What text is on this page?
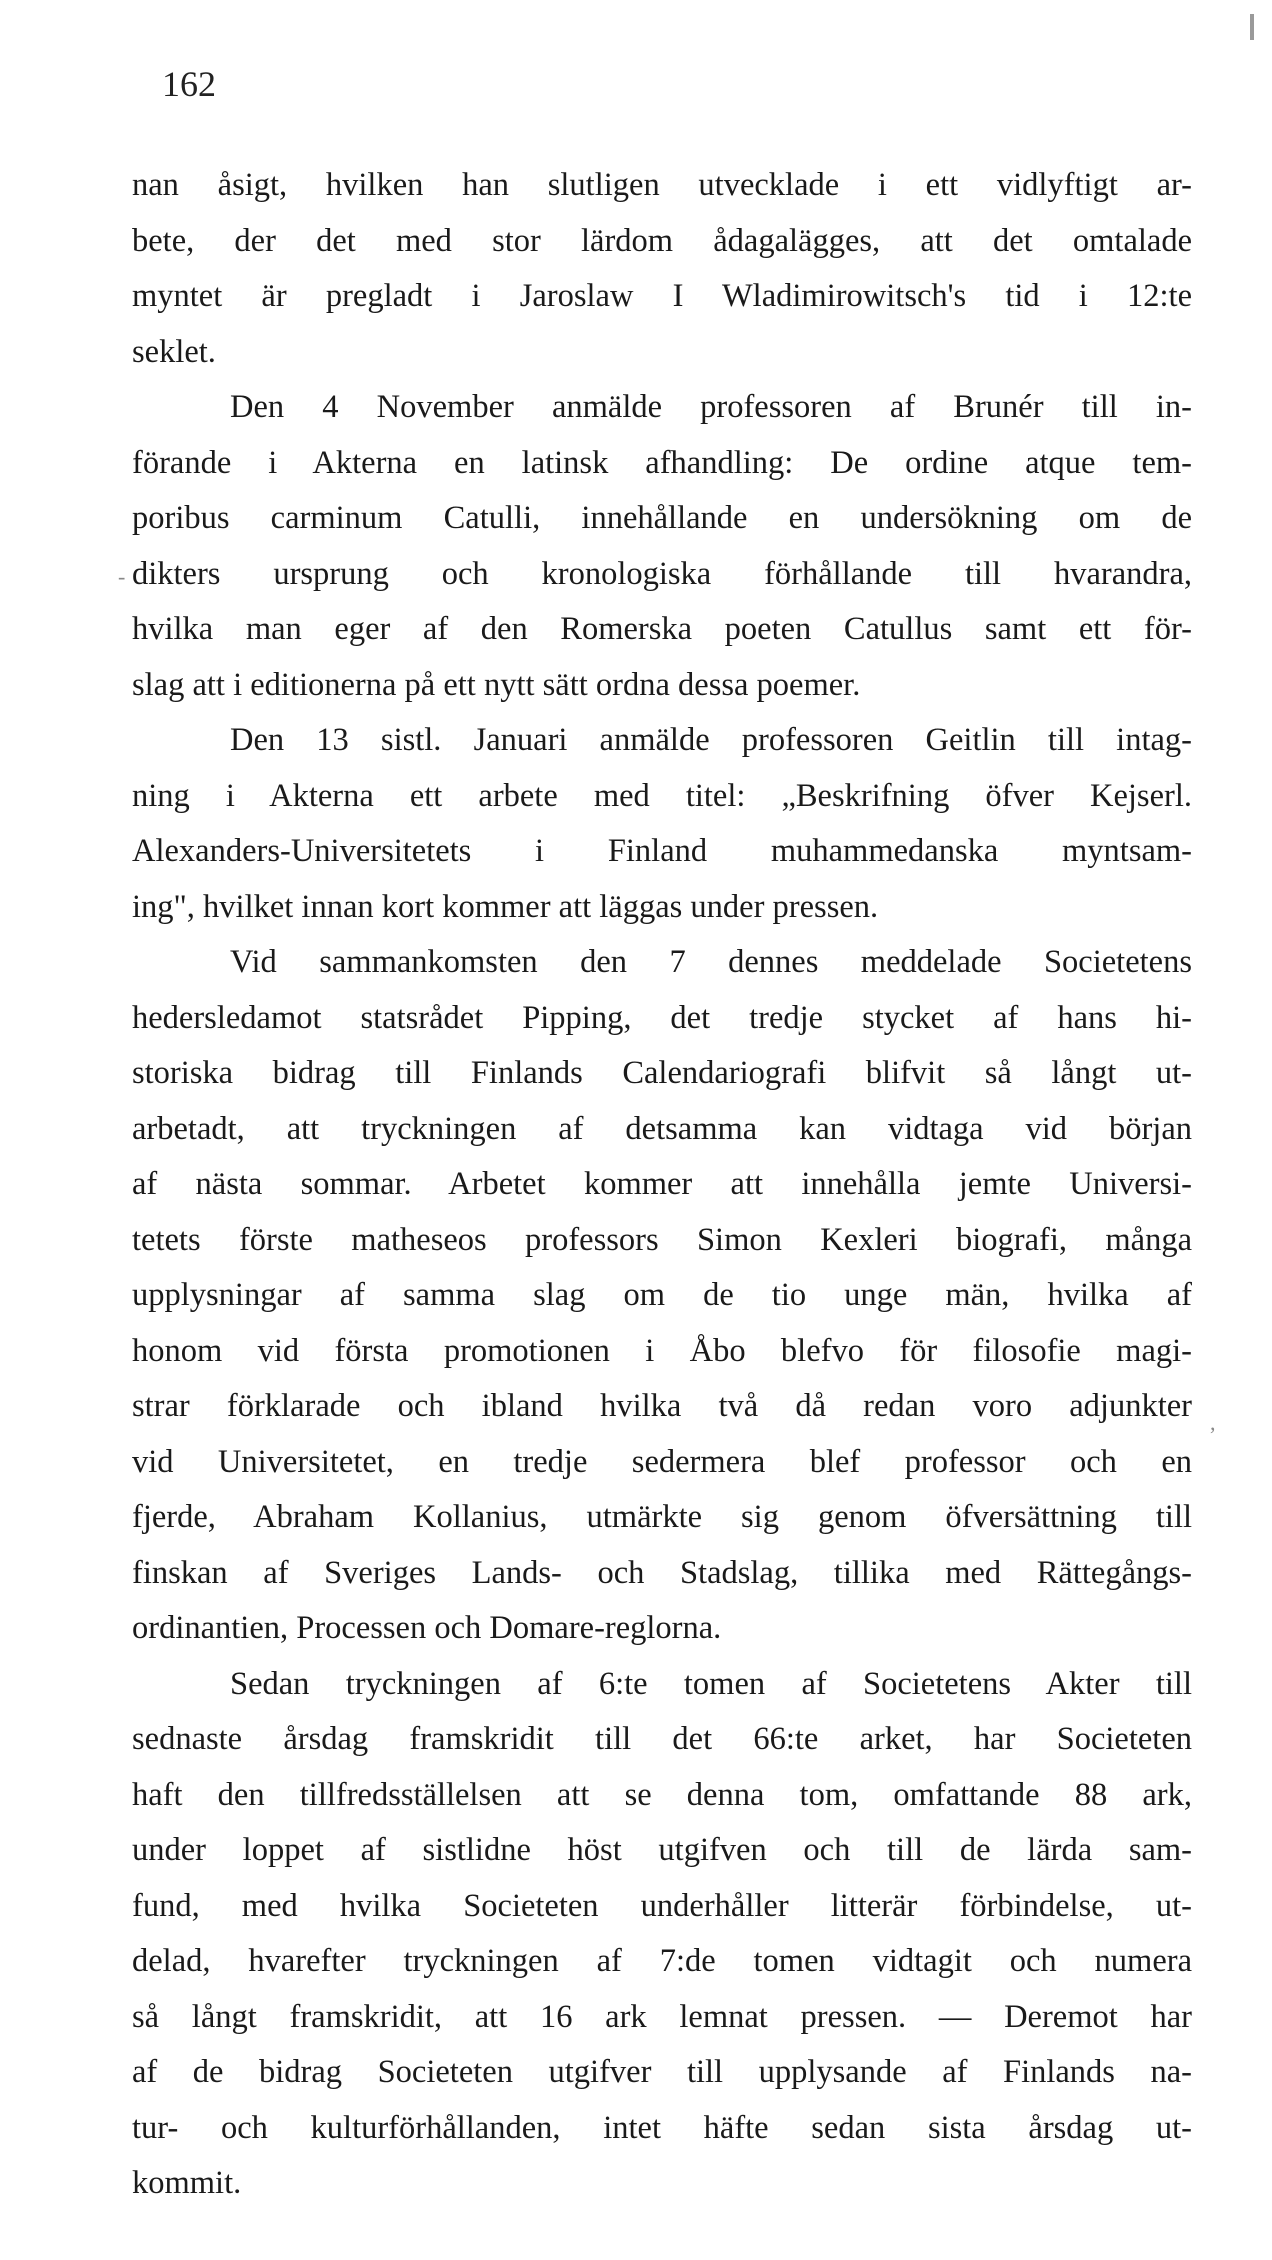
162
-
,
nan åsigt, hvilken han slutligen utvecklade i ett vidlyftigt ar-
bete, der det med stor lärdom ådagalägges, att det omtalade
myntet är pregladt i Jaroslaw I Wladimirowitsch's tid i 12:te
seklet.
Den 4 November anmälde professoren af Brunér till in-
förande i Akterna en latinsk afhandling: De ordine atque tem-
poribus carminum Catulli, innehållande en undersökning om de
dikters ursprung och kronologiska förhållande till hvarandra,
hvilka man eger af den Romerska poeten Catullus samt ett för-
slag att i editionerna på ett nytt sätt ordna dessa poemer.
Den 13 sistl. Januari anmälde professoren Geitlin till intag-
ning i Akterna ett arbete med titel: „Beskrifning öfver Kejserl.
Alexanders-Universitetets i Finland muhammedanska myntsam-
ing", hvilket innan kort kommer att läggas under pressen.
Vid sammankomsten den 7 dennes meddelade Societetens
hedersledamot statsrådet Pipping, det tredje stycket af hans hi-
storiska bidrag till Finlands Calendariografi blifvit så långt ut-
arbetadt, att tryckningen af detsamma kan vidtaga vid början
af nästa sommar. Arbetet kommer att innehålla jemte Universi-
tetets förste matheseos professors Simon Kexleri biografi, många
upplysningar af samma slag om de tio unge män, hvilka af
honom vid första promotionen i Åbo blefvo för filosofie magi-
strar förklarade och ibland hvilka två då redan voro adjunkter
vid Universitetet, en tredje sedermera blef professor och en
fjerde, Abraham Kollanius, utmärkte sig genom öfversättning till
finskan af Sveriges Lands- och Stadslag, tillika med Rättegångs-
ordinantien, Processen och Domare-reglorna.
Sedan tryckningen af 6:te tomen af Societetens Akter till
sednaste årsdag framskridit till det 66:te arket, har Societeten
haft den tillfredsställelsen att se denna tom, omfattande 88 ark,
under loppet af sistlidne höst utgifven och till de lärda sam-
fund, med hvilka Societeten underhåller litterär förbindelse, ut-
delad, hvarefter tryckningen af 7:de tomen vidtagit och numera
så långt framskridit, att 16 ark lemnat pressen. — Deremot har
af de bidrag Societeten utgifver till upplysande af Finlands na-
tur- och kulturförhållanden, intet häfte sedan sista årsdag ut-
kommit.
